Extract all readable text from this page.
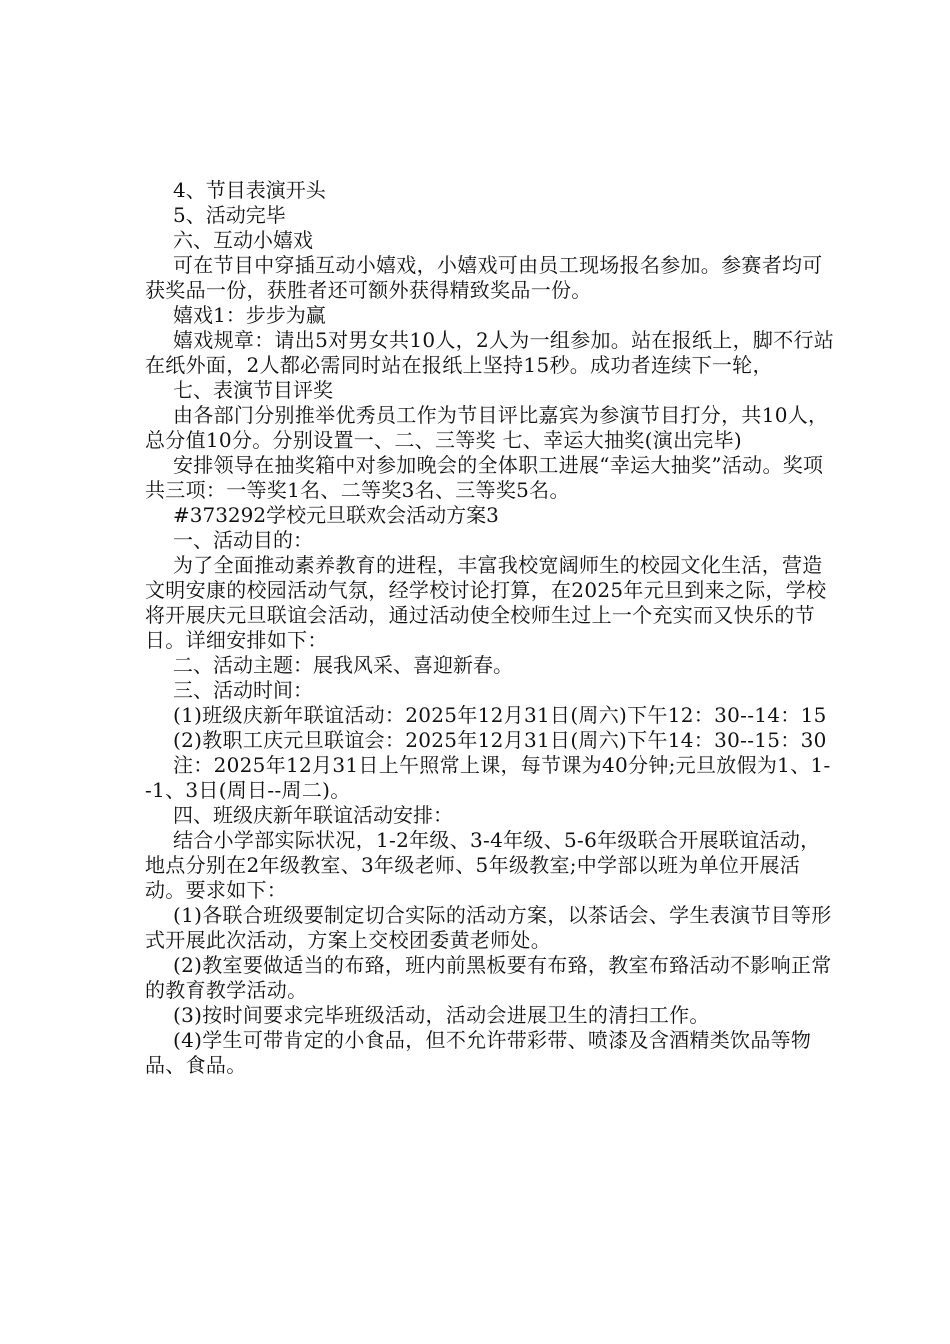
4、节目表演开头

5、活动完毕

六、互动小嬉戏

可在节目中穿插互动小嬉戏，小嬉戏可由员工现场报名参加。参赛者均可获奖品一份，获胜者还可额外获得精致奖品一份。

嬉戏1：步步为赢

嬉戏规章：请出5对男女共10人，2人为一组参加。站在报纸上，脚不行站在纸外面，2人都必需同时站在报纸上坚持15秒。成功者连续下一轮，

七、表演节目评奖

由各部门分别推举优秀员工作为节目评比嘉宾为参演节目打分，共10人，总分值10分。分别设置一、二、三等奖 七、幸运大抽奖(演出完毕)

安排领导在抽奖箱中对参加晚会的全体职工进展“幸运大抽奖”活动。奖项共三项：一等奖1名、二等奖3名、三等奖5名。

#373292学校元旦联欢会活动方案3

一、活动目的：

为了全面推动素养教育的进程，丰富我校宽阔师生的校园文化生活，营造文明安康的校园活动气氛，经学校讨论打算，在2025年元旦到来之际，学校将开展庆元旦联谊会活动，通过活动使全校师生过上一个充实而又快乐的节日。详细安排如下：

二、活动主题：展我风采、喜迎新春。

三、活动时间：

(1)班级庆新年联谊活动：2025年12月31日(周六)下午12：30--14：15

(2)教职工庆元旦联谊会：2025年12月31日(周六)下午14：30--15：30

注：2025年12月31日上午照常上课，每节课为40分钟;元旦放假为1、1--1、3日(周日--周二)。

四、班级庆新年联谊活动安排：

结合小学部实际状况，1-2年级、3-4年级、5-6年级联合开展联谊活动，地点分别在2年级教室、3年级老师、5年级教室;中学部以班为单位开展活动。要求如下：

(1)各联合班级要制定切合实际的活动方案，以茶话会、学生表演节目等形式开展此次活动，方案上交校团委黄老师处。

(2)教室要做适当的布臵，班内前黑板要有布臵，教室布臵活动不影响正常的教育教学活动。

(3)按时间要求完毕班级活动，活动会进展卫生的清扫工作。

(4)学生可带肯定的小食品，但不允许带彩带、喷漆及含酒精类饮品等物品、食品。
